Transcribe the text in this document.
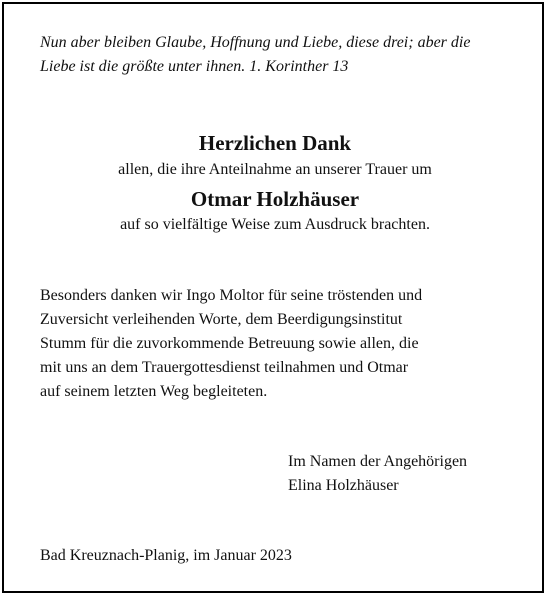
Nun aber bleiben Glaube, Hoffnung und Liebe, diese drei; aber die
Liebe ist die größte unter ihnen. 1. Korinther 13
Herzlichen Dank
allen, die ihre Anteilnahme an unserer Trauer um
Otmar Holzhäuser
auf so vielfältige Weise zum Ausdruck brachten.
Besonders danken wir Ingo Moltor für seine tröstenden und
Zuversicht verleihenden Worte, dem Beerdigungsinstitut
Stumm für die zuvorkommende Betreuung sowie allen, die
mit uns an dem Trauergottesdienst teilnahmen und Otmar
auf seinem letzten Weg begleiteten.
Im Namen der Angehörigen
Elina Holzhäuser
Bad Kreuznach-Planig, im Januar 2023
